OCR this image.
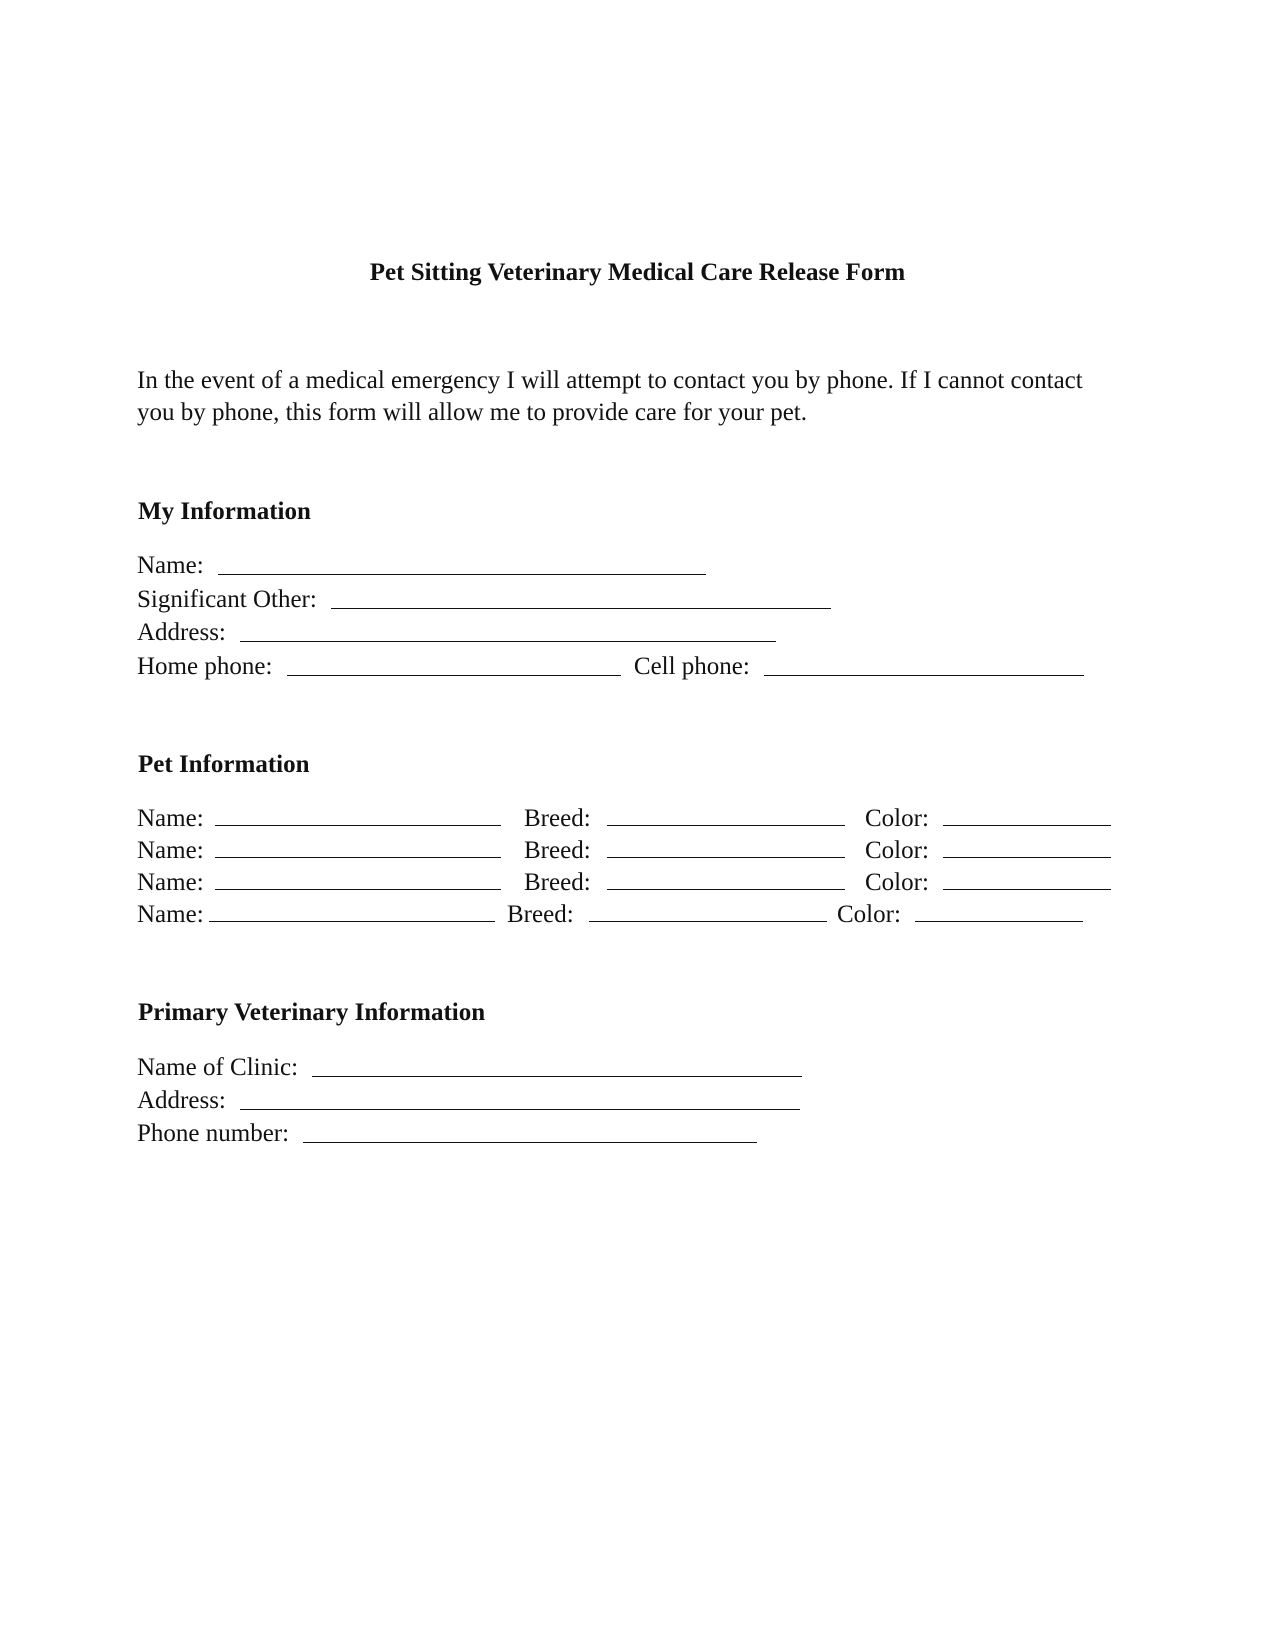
Pet Sitting Veterinary Medical Care Release Form
In the event of a medical emergency I will attempt to contact you by phone. If I cannot contact
you by phone, this form will allow me to provide care for your pet.
My Information
Name:
Significant Other:
Address:
Home phone:	Cell phone:
Pet Information
Name:	Breed:	Color:
Name:	Breed:	Color:
Name:	Breed:	Color:
Name:	Breed:	Color:
Primary Veterinary Information
Name of Clinic:
Address:
Phone number:
